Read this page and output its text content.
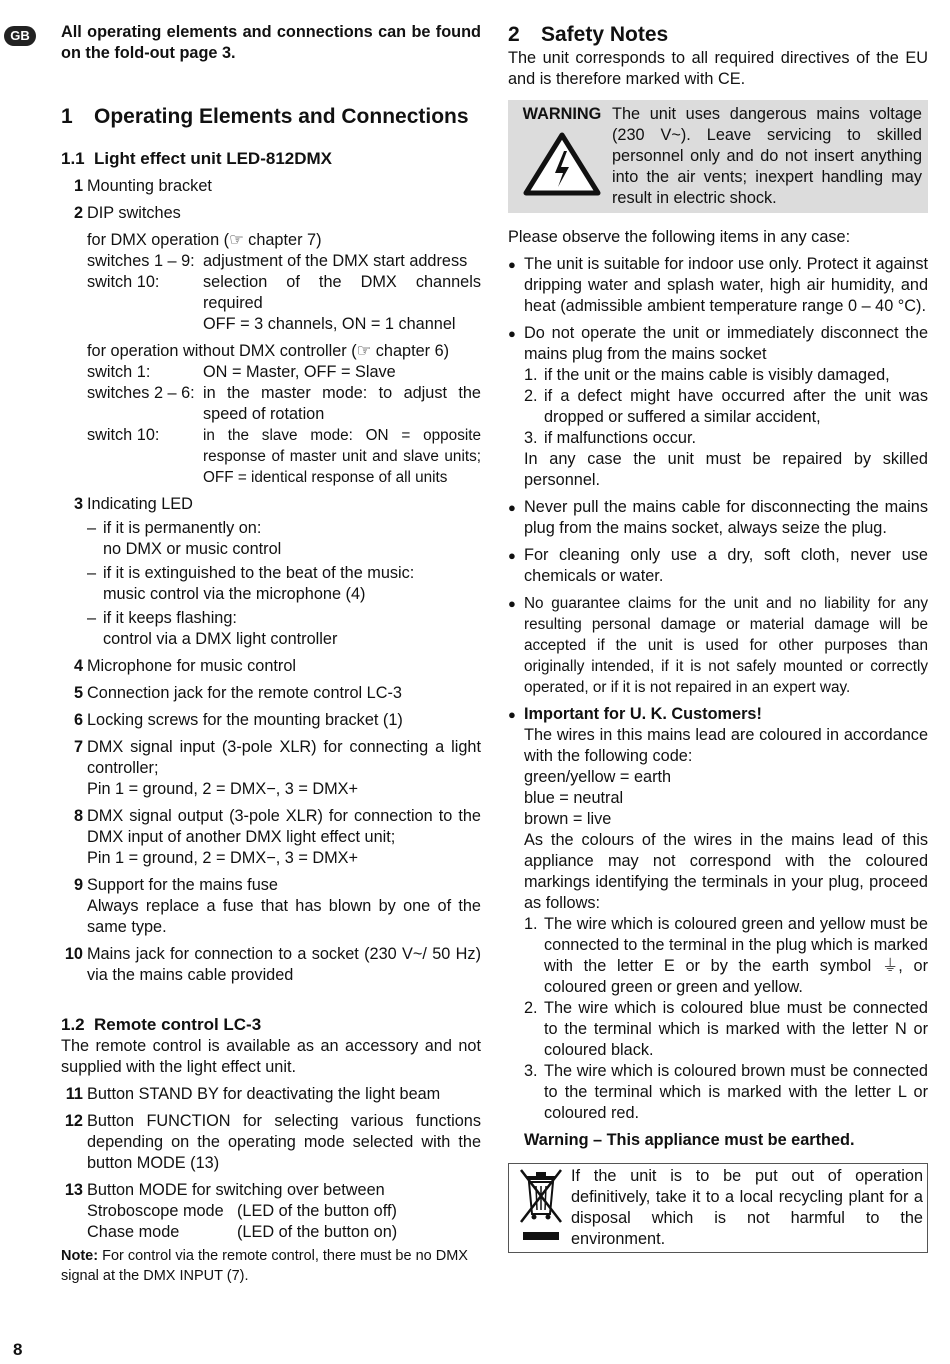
GB	All operating elements and connections can be found on the fold-out page 3.

1 Operating Elements and Connections
1.1 Light effect unit LED-812DMX
1 Mounting bracket
2 DIP switches
for DMX operation (☞ chapter 7)
switches 1 – 9: adjustment of the DMX start address
switch 10:	selection of the DMX channels required
OFF = 3 channels, ON = 1 channel
for operation without DMX controller (☞ chapter 6)
switch 1:	ON = Master, OFF = Slave
switches 2 – 6: in the master mode: to adjust the speed of rotation
switch 10:	in the slave mode: ON = opposite response of master unit and slave units; OFF = identical response of all units
3 Indicating LED
– if it is permanently on:
no DMX or music control
– if it is extinguished to the beat of the music:
music control via the microphone (4)
– if it keeps flashing:
control via a DMX light controller
4 Microphone for music control
5 Connection jack for the remote control LC-3
6 Locking screws for the mounting bracket (1)
7 DMX signal input (3-pole XLR) for connecting a light controller;
Pin 1 = ground, 2 = DMX−, 3 = DMX+
8 DMX signal output (3-pole XLR) for connection to the DMX input of another DMX light effect unit;
Pin 1 = ground, 2 = DMX−, 3 = DMX+
9 Support for the mains fuse
Always replace a fuse that has blown by one of the same type.
10 Mains jack for connection to a socket (230 V~/ 50 Hz) via the mains cable provided
1.2 Remote control LC-3

The remote control is available as an accessory and not supplied with the light effect unit.

11 Button STAND BY for deactivating the light beam
12 Button FUNCTION for selecting various functions depending on the operating mode selected with the button MODE (13)
13 Button MODE for switching over between
Stroboscope mode (LED of the button off)
Chase mode	(LED of the button on)

Note: For control via the remote control, there must be no DMX signal at the DMX INPUT (7).

2 Safety Notes

The unit corresponds to all required directives of the EU and is therefore marked with CE.

WARNING The unit uses dangerous mains voltage (230 V~). Leave servicing to skilled personnel only and do not insert anything into the air vents; inexpert handling may result in electric shock.

Please observe the following items in any case:

● The unit is suitable for indoor use only. Protect it against dripping water and splash water, high air humidity, and heat (admissible ambient temperature range 0 – 40 °C).
● Do not operate the unit or immediately disconnect the mains plug from the mains socket
1. if the unit or the mains cable is visibly damaged,
2. if a defect might have occurred after the unit was dropped or suffered a similar accident,
3. if malfunctions occur.
In any case the unit must be repaired by skilled personnel.
● Never pull the mains cable for disconnecting the mains plug from the mains socket, always seize the plug.
● For cleaning only use a dry, soft cloth, never use chemicals or water.
● No guarantee claims for the unit and no liability for any resulting personal damage or material damage will be accepted if the unit is used for other purposes than originally intended, if it is not safely mounted or correctly operated, or if it is not repaired in an expert way.
● Important for U. K. Customers!
The wires in this mains lead are coloured in accordance with the following code:
green/yellow = earth
blue = neutral
brown = live
As the colours of the wires in the mains lead of this appliance may not correspond with the coloured markings identifying the terminals in your plug, proceed as follows:
1. The wire which is coloured green and yellow must be connected to the terminal in the plug which is marked with the letter E or by the earth symbol ⏚, or coloured green or green and yellow.
2. The wire which is coloured blue must be connected to the terminal which is marked with the letter N or coloured black.
3. The wire which is coloured brown must be connected to the terminal which is marked with the letter L or coloured red.
Warning – This appliance must be earthed.
If the unit is to be put out of operation definitively, take it to a local recycling plant for a disposal which is not harmful to the environment.
8
